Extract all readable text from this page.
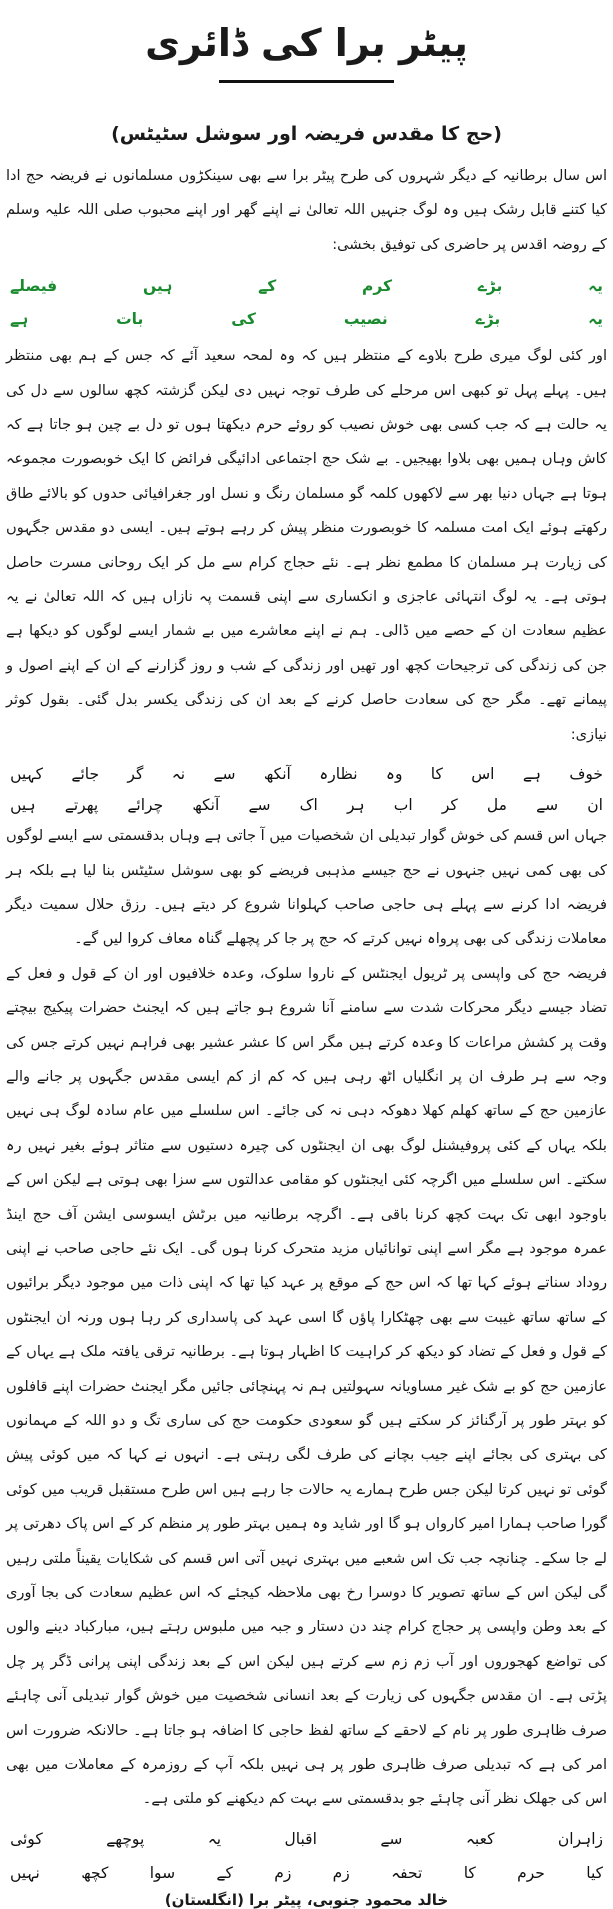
پیٹر برا کی ڈائری
(حج کا مقدس فریضہ اور سوشل سٹیٹس)

اس سال برطانیہ کے دیگر شہروں کی طرح پیٹر برا سے بھی سینکڑوں مسلمانوں نے فریضہ حج ادا کیا کتنے قابل رشک ہیں وہ لوگ جنہیں اللہ تعالیٰ نے اپنے گھر اور اپنے محبوب صلی اللہ علیہ وسلم کے روضہ اقدس پر حاضری کی توفیق بخشی:

یہ
بڑے
کرم
کے
ہیں
فیصلے
یہ
بڑے
نصیب
کی
بات
ہے

اور کئی لوگ میری طرح بلاوے کے منتظر ہیں کہ وہ لمحہ سعید آئے کہ جس کے ہم بھی منتظر ہیں۔ پہلے پہل تو کبھی اس مرحلے کی طرف توجہ نہیں دی لیکن گزشتہ کچھ سالوں سے دل کی یہ حالت ہے کہ جب کسی بھی خوش نصیب کو روئے حرم دیکھتا ہوں تو دل بے چین ہو جاتا ہے کہ کاش وہاں ہمیں بھی بلاوا بھیجیں۔ بے شک حج اجتماعی ادائیگی فرائض کا ایک خوبصورت مجموعہ ہوتا ہے جہاں دنیا بھر سے لاکھوں کلمہ گو مسلمان رنگ و نسل اور جغرافیائی حدوں کو بالائے طاق رکھتے ہوئے ایک امت مسلمہ کا خوبصورت منظر پیش کر رہے ہوتے ہیں۔ ایسی دو مقدس جگہوں کی زیارت ہر مسلمان کا مطمع نظر ہے۔ نئے حجاج کرام سے مل کر ایک روحانی مسرت حاصل ہوتی ہے۔ یہ لوگ انتہائی عاجزی و انکساری سے اپنی قسمت پہ نازاں ہیں کہ اللہ تعالیٰ نے یہ عظیم سعادت ان کے حصے میں ڈالی۔ ہم نے اپنے معاشرے میں بے شمار ایسے لوگوں کو دیکھا ہے جن کی زندگی کی ترجیحات کچھ اور تھیں اور زندگی کے شب و روز گزارنے کے ان کے اپنے اصول و پیمانے تھے۔ مگر حج کی سعادت حاصل کرنے کے بعد ان کی زندگی یکسر بدل گئی۔ بقول کوثر نیازی:

خوف
ہے
اس
کا
وہ
نظارہ
آنکھ
سے
نہ
گر
جائے
کہیں
ان
سے
مل
کر
اب
ہر
اک
سے
آنکھ
چرائے
پھرتے
ہیں

جہاں اس قسم کی خوش گوار تبدیلی ان شخصیات میں آ جاتی ہے وہاں بدقسمتی سے ایسے لوگوں کی بھی کمی نہیں جنہوں نے حج جیسے مذہبی فریضے کو بھی سوشل سٹیٹس بنا لیا ہے بلکہ ہر فریضہ ادا کرنے سے پہلے ہی حاجی صاحب کہلوانا شروع کر دیتے ہیں۔ رزق حلال سمیت دیگر معاملات زندگی کی بھی پرواہ نہیں کرتے کہ حج پر جا کر پچھلے گناہ معاف کروا لیں گے۔

فریضہ حج کی واپسی پر ٹریول ایجنٹس کے ناروا سلوک، وعدہ خلافیوں اور ان کے قول و فعل کے تضاد جیسے دیگر محرکات شدت سے سامنے آنا شروع ہو جاتے ہیں کہ ایجنٹ حضرات پیکیج بیچتے وقت پر کشش مراعات کا وعدہ کرتے ہیں مگر اس کا عشر عشیر بھی فراہم نہیں کرتے جس کی وجہ سے ہر طرف ان پر انگلیاں اٹھ رہی ہیں کہ کم از کم ایسی مقدس جگہوں پر جانے والے عازمین حج کے ساتھ کھلم کھلا دھوکہ دہی نہ کی جائے۔ اس سلسلے میں عام سادہ لوگ ہی نہیں بلکہ یہاں کے کئی پروفیشنل لوگ بھی ان ایجنٹوں کی چیرہ دستیوں سے متاثر ہوئے بغیر نہیں رہ سکتے۔ اس سلسلے میں اگرچہ کئی ایجنٹوں کو مقامی عدالتوں سے سزا بھی ہوتی ہے لیکن اس کے باوجود ابھی تک بہت کچھ کرنا باقی ہے۔ اگرچہ برطانیہ میں برٹش ایسوسی ایشن آف حج اینڈ عمرہ موجود ہے مگر اسے اپنی توانائیاں مزید متحرک کرنا ہوں گی۔ ایک نئے حاجی صاحب نے اپنی روداد سناتے ہوئے کہا تھا کہ اس حج کے موقع پر عہد کیا تھا کہ اپنی ذات میں موجود دیگر برائیوں کے ساتھ ساتھ غیبت سے بھی چھٹکارا پاؤں گا اسی عہد کی پاسداری کر رہا ہوں ورنہ ان ایجنٹوں کے قول و فعل کے تضاد کو دیکھ کر کراہیت کا اظہار ہوتا ہے۔ برطانیہ ترقی یافتہ ملک ہے یہاں کے عازمین حج کو بے شک غیر مساویانہ سہولتیں ہم نہ پہنچائی جائیں مگر ایجنٹ حضرات اپنے قافلوں کو بہتر طور پر آرگنائز کر سکتے ہیں گو سعودی حکومت حج کی ساری تگ و دو اللہ کے مہمانوں کی بہتری کی بجائے اپنے جیب بچانے کی طرف لگی رہتی ہے۔ انہوں نے کہا کہ میں کوئی پیش گوئی تو نہیں کرتا لیکن جس طرح ہمارے یہ حالات جا رہے ہیں اس طرح مستقبل قریب میں کوئی گورا صاحب ہمارا امیر کارواں ہو گا اور شاید وہ ہمیں بہتر طور پر منظم کر کے اس پاک دھرتی پر لے جا سکے۔ چنانچہ جب تک اس شعبے میں بہتری نہیں آتی اس قسم کی شکایات یقیناً ملتی رہیں گی لیکن اس کے ساتھ تصویر کا دوسرا رخ بھی ملاحظہ کیجئے کہ اس عظیم سعادت کی بجا آوری کے بعد وطن واپسی پر حجاج کرام چند دن دستار و جبہ میں ملبوس رہتے ہیں، مبارکباد دینے والوں کی تواضع کھجوروں اور آب زم زم سے کرتے ہیں لیکن اس کے بعد زندگی اپنی پرانی ڈگر پر چل پڑتی ہے۔ ان مقدس جگہوں کی زیارت کے بعد انسانی شخصیت میں خوش گوار تبدیلی آنی چاہئے صرف ظاہری طور پر نام کے لاحقے کے ساتھ لفظ حاجی کا اضافہ ہو جاتا ہے۔ حالانکہ ضرورت اس امر کی ہے کہ تبدیلی صرف ظاہری طور پر ہی نہیں بلکہ آپ کے روزمرہ کے معاملات میں بھی اس کی جھلک نظر آنی چاہئے جو بدقسمتی سے بہت کم دیکھنے کو ملتی ہے۔

زاہران
کعبہ
سے
اقبال
یہ
پوچھے
کوئی
کیا
حرم
کا
تحفہ
زم
زم
کے
سوا
کچھ
نہیں
خالد محمود جنوبی، پیٹر برا (انگلستان)
